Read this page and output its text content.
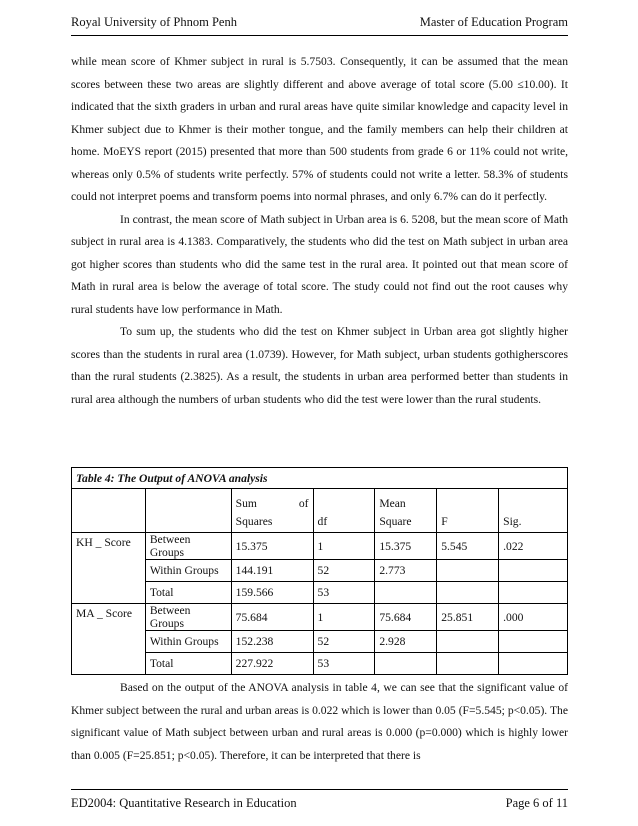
Royal University of Phnom Penh	Master of Education Program

while mean score of Khmer subject in rural is 5.7503. Consequently, it can be assumed that the mean scores between these two areas are slightly different and above average of total score (5.00 ≤10.00). It indicated that the sixth graders in urban and rural areas have quite similar knowledge and capacity level in Khmer subject due to Khmer is their mother tongue, and the family members can help their children at home. MoEYS report (2015) presented that more than 500 students from grade 6 or 11% could not write, whereas only 0.5% of students write perfectly. 57% of students could not write a letter. 58.3% of students could not interpret poems and transform poems into normal phrases, and only 6.7% can do it perfectly.

In contrast, the mean score of Math subject in Urban area is 6. 5208, but the mean score of Math subject in rural area is 4.1383. Comparatively, the students who did the test on Math subject in urban area got higher scores than students who did the same test in the rural area. It pointed out that mean score of Math in rural area is below the average of total score. The study could not find out the root causes why rural students have low performance in Math.

To sum up, the students who did the test on Khmer subject in Urban area got slightly higher scores than the students in rural area (1.0739). However, for Math subject, urban students gothigherscores than the rural students (2.3825). As a result, the students in urban area performed better than students in rural area although the numbers of urban students who did the test were lower than the rural students.

Table 4: The Output of ANOVA analysis						

		Sum of		Mean		
		Squares	df	Square	F	Sig.
KH _ Score	Between Groups	15.375	1	15.375	5.545	.022
	Within Groups	144.191	52	2.773		
	Total	159.566	53			
MA _ Score	Between Groups	75.684	1	75.684	25.851	.000
	Within Groups	152.238	52	2.928		
	Total	227.922	53			

Based on the output of the ANOVA analysis in table 4, we can see that the significant value of Khmer subject between the rural and urban areas is 0.022 which is lower than 0.05 (F=5.545; p<0.05). The significant value of Math subject between urban and rural areas is 0.000 (p=0.000) which is highly lower than 0.005 (F=25.851; p<0.05). Therefore, it can be interpreted that there is

ED2004: Quantitative Research in Education	Page 6 of 11
